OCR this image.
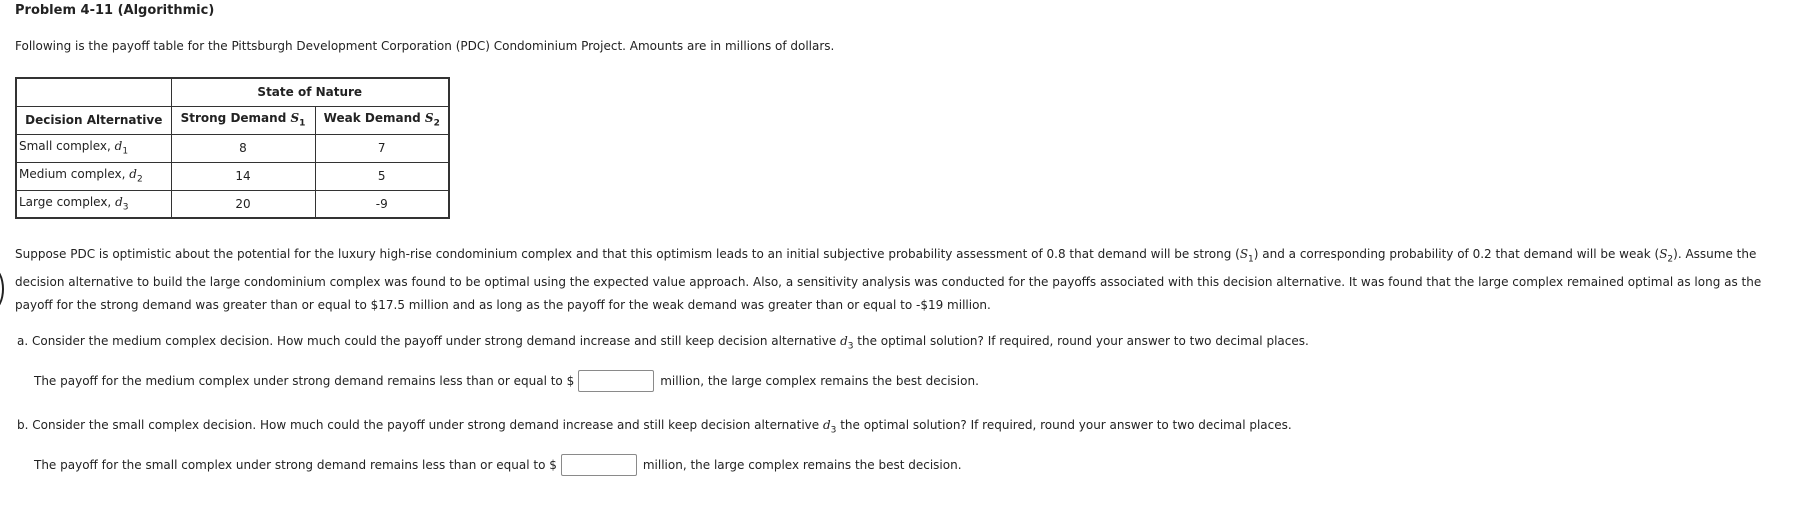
Problem 4-11 (Algorithmic)
Following is the payoff table for the Pittsburgh Development Corporation (PDC) Condominium Project. Amounts are in millions of dollars.
	State of Nature	
Decision Alternative	Strong Demand $S_1$	Weak Demand $S_2$
Small complex, $d_1$	8	7
Medium complex, $d_2$	14	5
Large complex, $d_3$	20	-9
Suppose PDC is optimistic about the potential for the luxury high-rise condominium complex and that this optimism leads to an initial subjective probability assessment of 0.8 that demand will be strong $(S_1)$ and a corresponding probability of 0.2 that demand will be weak $(S_2)$. Assume the decision alternative to build the large condominium complex was found to be optimal using the expected value approach. Also, a sensitivity analysis was conducted for the payoffs associated with this decision alternative. It was found that the large complex remained optimal as long as the payoff for the strong demand was greater than or equal to $17.5 million and as long as the payoff for the weak demand was greater than or equal to -$19 million.
a. Consider the medium complex decision. How much could the payoff under strong demand increase and still keep decision alternative $d_3$ the optimal solution? If required, round your answer to two decimal places.
The payoff for the medium complex under strong demand remains less than or equal to $	million, the large complex remains the best decision.
b. Consider the small complex decision. How much could the payoff under strong demand increase and still keep decision alternative $d_3$ the optimal solution? If required, round your answer to two decimal places.
The payoff for the small complex under strong demand remains less than or equal to $	million, the large complex remains the best decision.
